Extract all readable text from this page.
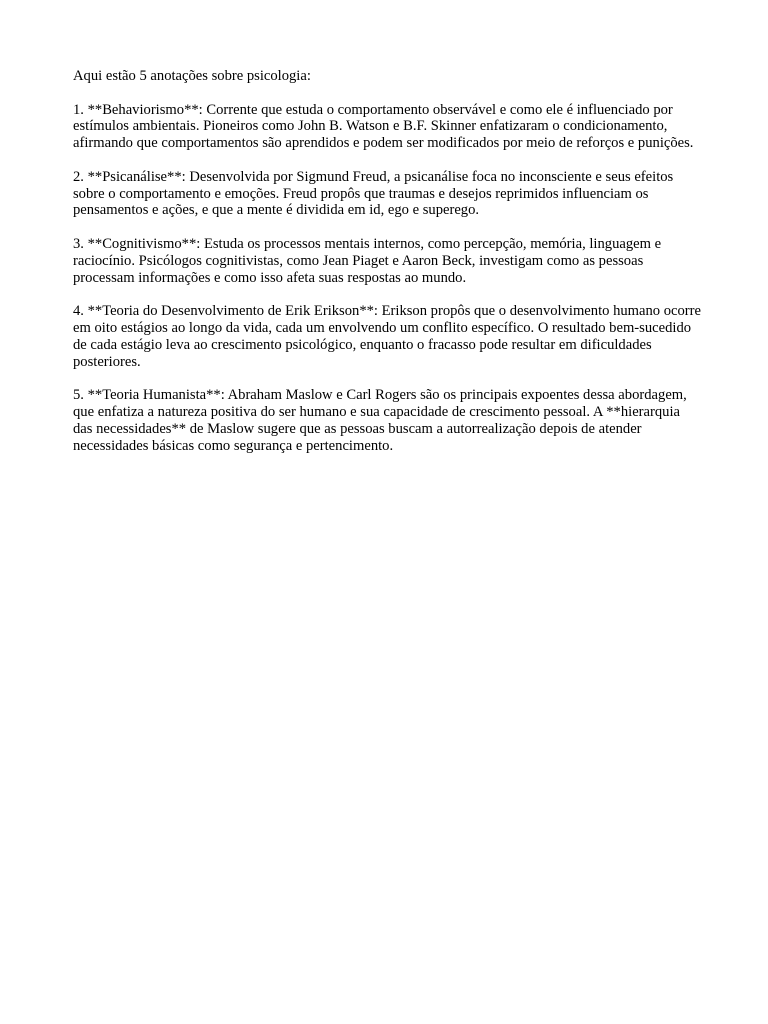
Aqui estão 5 anotações sobre psicologia:

1. **Behaviorismo**: Corrente que estuda o comportamento observável e como ele é influenciado por estímulos ambientais. Pioneiros como John B. Watson e B.F. Skinner enfatizaram o condicionamento, afirmando que comportamentos são aprendidos e podem ser modificados por meio de reforços e punições.

2. **Psicanálise**: Desenvolvida por Sigmund Freud, a psicanálise foca no inconsciente e seus efeitos sobre o comportamento e emoções. Freud propôs que traumas e desejos reprimidos influenciam os pensamentos e ações, e que a mente é dividida em id, ego e superego.

3. **Cognitivismo**: Estuda os processos mentais internos, como percepção, memória, linguagem e raciocínio. Psicólogos cognitivistas, como Jean Piaget e Aaron Beck, investigam como as pessoas processam informações e como isso afeta suas respostas ao mundo.

4. **Teoria do Desenvolvimento de Erik Erikson**: Erikson propôs que o desenvolvimento humano ocorre em oito estágios ao longo da vida, cada um envolvendo um conflito específico. O resultado bem-sucedido de cada estágio leva ao crescimento psicológico, enquanto o fracasso pode resultar em dificuldades posteriores.

5. **Teoria Humanista**: Abraham Maslow e Carl Rogers são os principais expoentes dessa abordagem, que enfatiza a natureza positiva do ser humano e sua capacidade de crescimento pessoal. A **hierarquia das necessidades** de Maslow sugere que as pessoas buscam a autorrealização depois de atender necessidades básicas como segurança e pertencimento.
